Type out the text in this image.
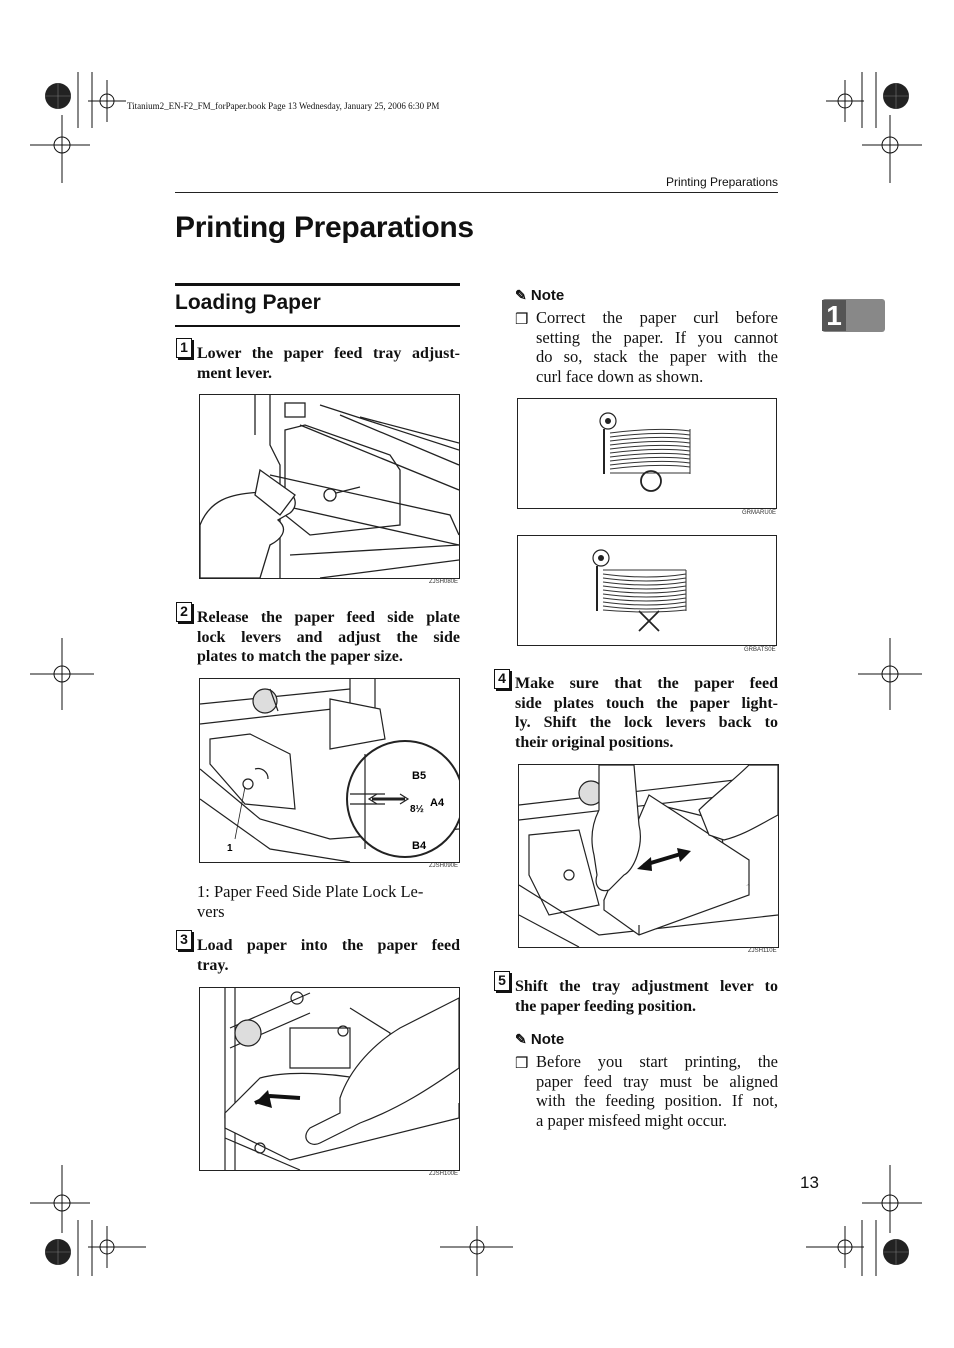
Titanium2_EN-F2_FM_forPaper.book Page 13 Wednesday, January 25, 2006 6:30 PM
Printing Preparations
Printing Preparations
1
Loading Paper
1 Lower the paper feed tray adjust-
ment lever.
ZJSH080E
2 Release the paper feed side plate
lock levers and adjust the side
plates to match the paper size.
1
B5
8½
A4
B4
ZJSH090E
1: Paper Feed Side Plate Lock Le-
vers
3 Load paper into the paper feed
tray.
ZJSH100E
✎ Note
❒ Correct the paper curl before
setting the paper. If you cannot
do so, stack the paper with the
curl face down as shown.
GRMARU0E
GRBATS0E
4 Make sure that the paper feed
side plates touch the paper light-
ly. Shift the lock levers back to
their original positions.
ZJSH110E
5 Shift the tray adjustment lever to
the paper feeding position.
✎ Note
❒ Before you start printing, the
paper feed tray must be aligned
with the feeding position. If not,
a paper misfeed might occur.
13
